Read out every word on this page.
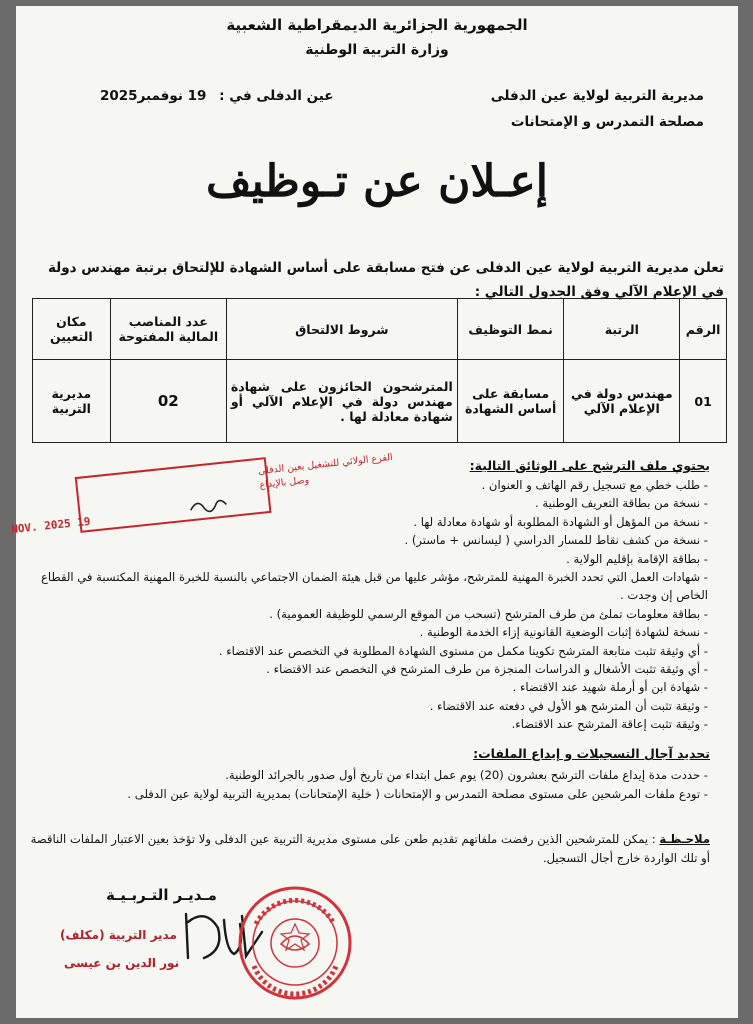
الجمهورية الجزائرية الديمقراطية الشعبية
وزارة التربية الوطنية
مديرية التربية لولاية عين الدفلى
مصلحة التمدرس و الإمتحانات
عين الدفلى في : 19 نوفمبر2025
إعـلان عن تـوظيف
تعلن مديرية التربية لولاية عين الدفلى عن فتح مسابقة على أساس الشهادة للإلتحاق برتبة مهندس دولة في الإعلام الآلي وفق الجدول التالي :
الرقم	الرتبة	نمط التوظيف	شروط الالتحاق	عدد المناصب المالية المفتوحة	مكان التعيين
01	مهندس دولة في الإعلام الآلي	مسابقة على أساس الشهادة	المترشحون الحائزون على شهادة مهندس دولة في الإعلام الآلي أو شهادة معادلة لها .	02	مديرية التربية
يحتوي ملف الترشح على الوثائق التالية:
- طلب خطي مع تسجيل رقم الهاتف و العنوان .
- نسخة من بطاقة التعريف الوطنية .
- نسخة من المؤهل أو الشهادة المطلوبة أو شهادة معادلة لها .
- نسخة من كشف نقاط للمسار الدراسي ( ليسانس + ماستر) .
- بطاقة الإقامة بإقليم الولاية .
- شهادات العمل التي تحدد الخبرة المهنية للمترشح، مؤشر عليها من قبل هيئة الضمان الاجتماعي بالنسبة للخبرة المهنية المكتسبة في القطاع الخاص إن وجدت .
- بطاقة معلومات تملئ من طرف المترشح (تسحب من الموقع الرسمي للوظيفة العمومية) .
- نسخة لشهادة إثبات الوضعية القانونية إزاء الخدمة الوطنية .
- أي وثيقة تثبت متابعة المترشح تكوينا مكمل من مستوى الشهادة المطلوبة في التخصص عند الاقتضاء .
- أي وثيقة تثبت الأشغال و الدراسات المنجزة من طرف المترشح في التخصص عند الاقتضاء .
- شهادة ابن أو أرملة شهيد عند الاقتضاء .
- وثيقة تثبت أن المترشح هو الأول في دفعته عند الاقتضاء .
- وثيقة تثبت إعاقة المترشح عند الاقتضاء.
تحديد آجال التسجيلات و إيداع الملفات:
- حددت مدة إيداع ملفات الترشح بعشرون (20) يوم عمل ابتداء من تاريخ أول صدور بالجرائد الوطنية.
- تودع ملفات المرشحين على مستوى مصلحة التمدرس و الإمتحانات ( خلية الإمتحانات) بمديرية التربية لولاية عين الدفلى .
ملاحـظـة : يمكن للمترشحين الذين رفضت ملفاتهم تقديم طعن على مستوى مديرية التربية عين الدفلى ولا تؤخذ بعين الاعتبار الملفات الناقصة أو تلك الواردة خارج أجال التسجيل.
الفرع الولائي للتشغيل بعين الدفلى
وصل بالإيداع
19 NOV. 2025
مـديـر التـربـيـة
مدير التربية (مكلف)
نور الدين بن عيسى
